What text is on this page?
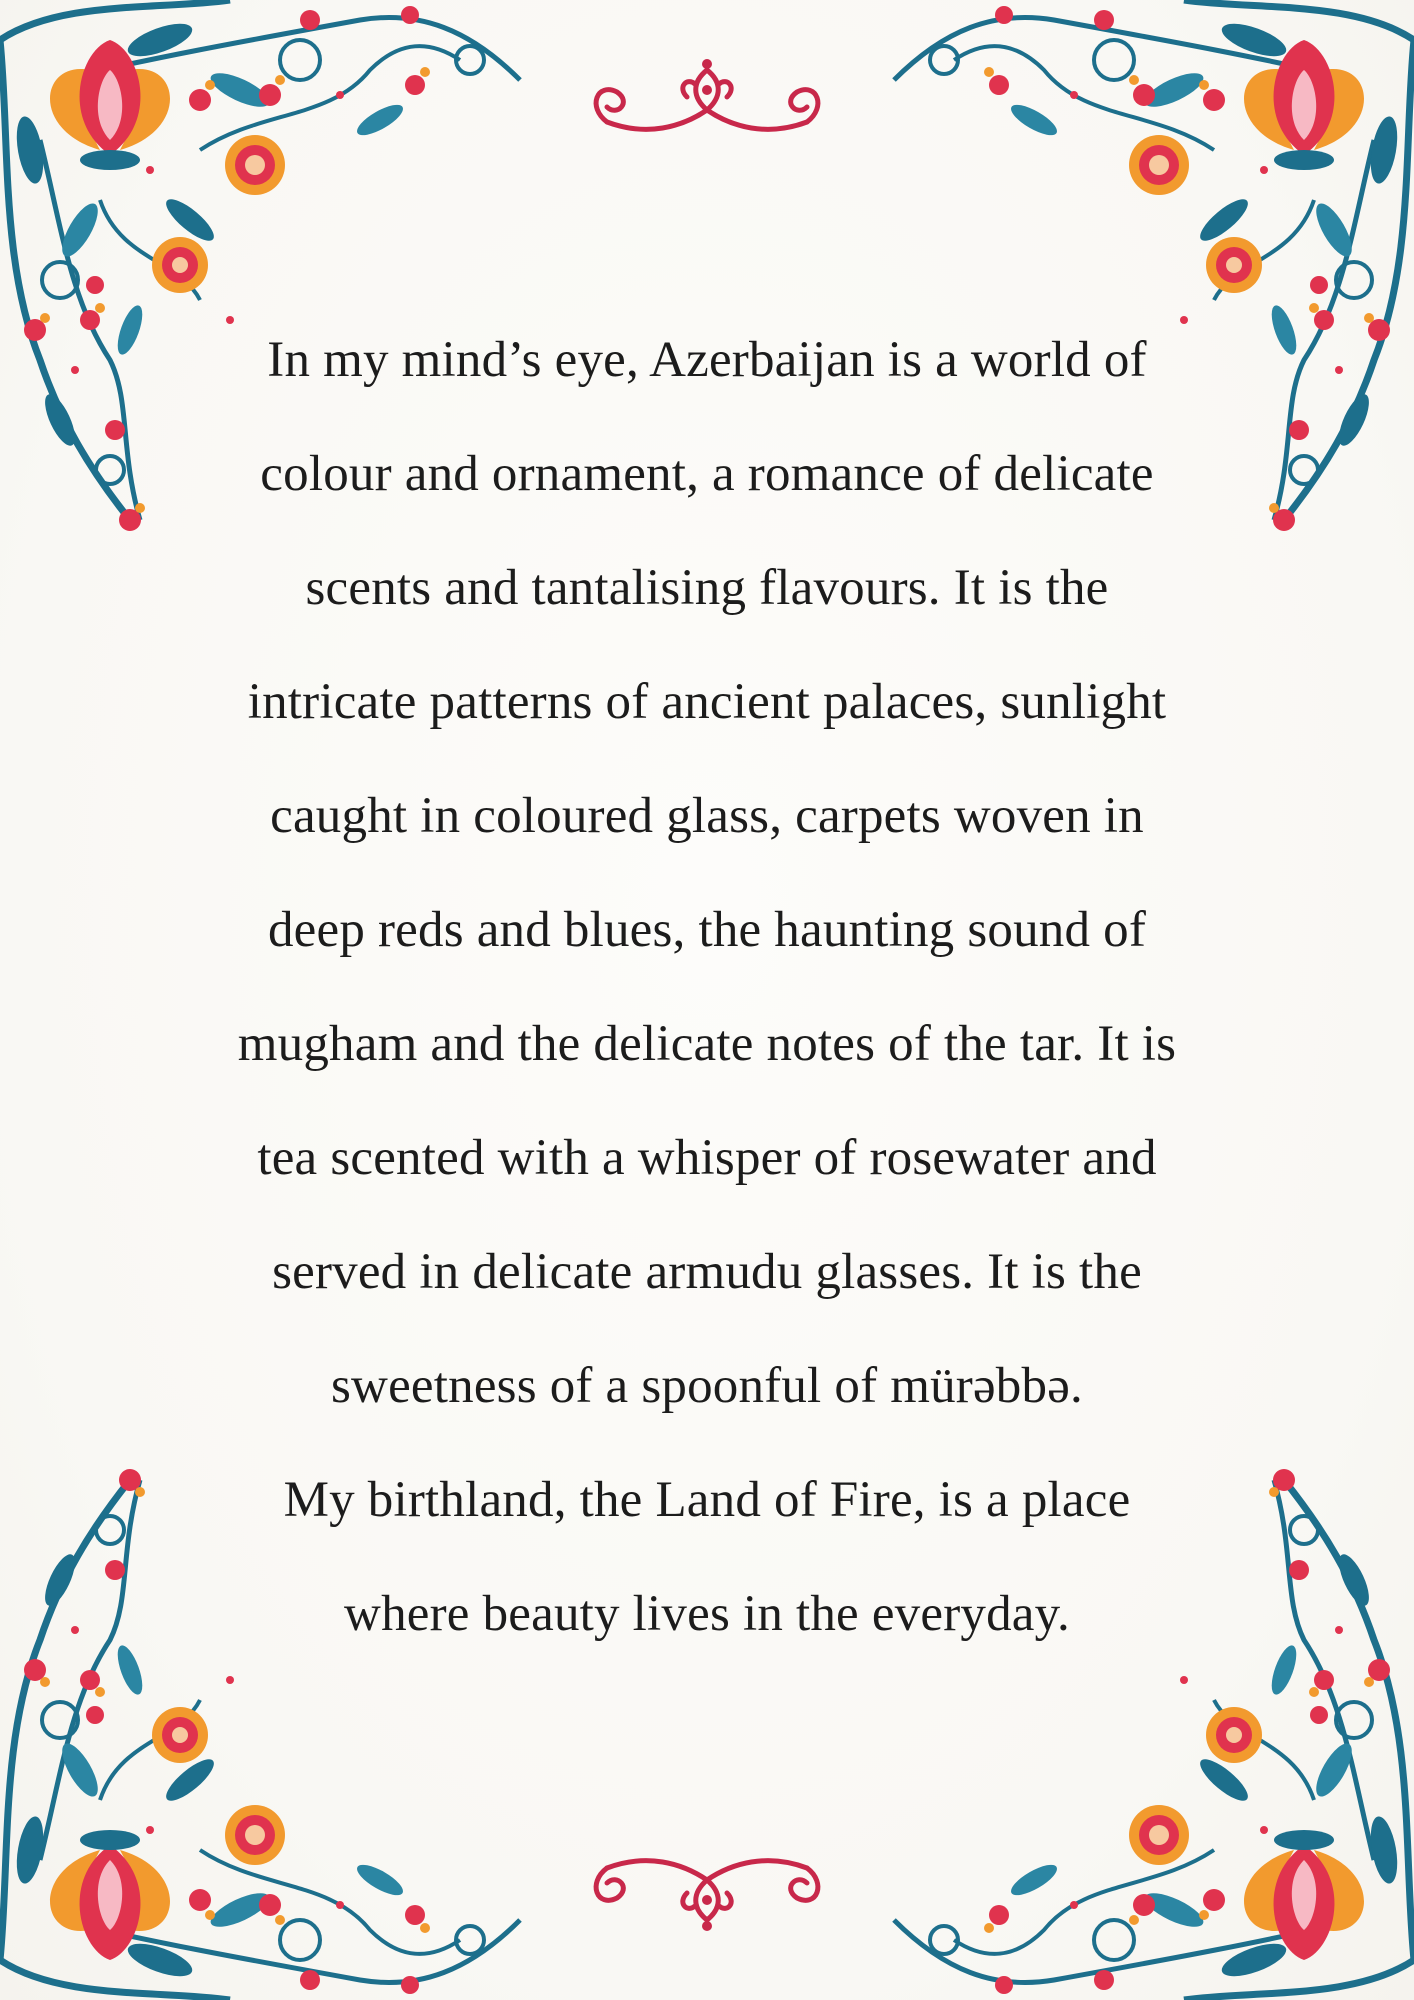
In my mind’s eye, Azerbaijan is a world of
colour and ornament, a romance of delicate
scents and tantalising flavours. It is the
intricate patterns of ancient palaces, sunlight
caught in coloured glass, carpets woven in
deep reds and blues, the haunting sound of
mugham and the delicate notes of the tar. It is
tea scented with a whisper of rosewater and
served in delicate armudu glasses. It is the
sweetness of a spoonful of mürəbbə.
My birthland, the Land of Fire, is a place
where beauty lives in the everyday.
